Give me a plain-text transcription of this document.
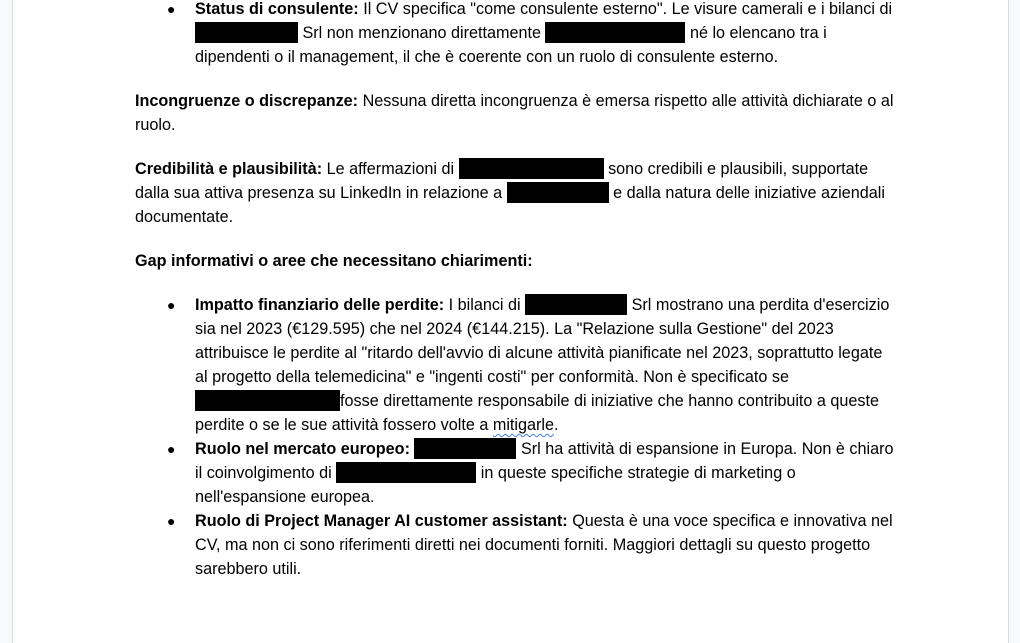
● Status di consulente: Il CV specifica "come consulente esterno". Le visure camerali e i bilanci di  Srl non menzionano direttamente	né lo elencano tra i dipendenti o il management, il che è coerente con un ruolo di consulente esterno.

Incongruenze o discrepanze: Nessuna diretta incongruenza è emersa rispetto alle attività dichiarate o al ruolo.

Credibilità e plausibilità: Le affermazioni di	sono credibili e plausibili, supportate dalla sua attiva presenza su LinkedIn in relazione a	e dalla natura delle iniziative aziendali documentate.

Gap informativi o aree che necessitano chiarimenti:

● Impatto finanziario delle perdite: I bilanci di	Srl mostrano una perdita d'esercizio sia nel 2023 (€129.595) che nel 2024 (€144.215). La "Relazione sulla Gestione" del 2023 attribuisce le perdite al "ritardo dell'avvio di alcune attività pianificate nel 2023, soprattutto legate al progetto della telemedicina" e "ingenti costi" per conformità. Non è specificato se fosse direttamente responsabile di iniziative che hanno contribuito a queste perdite o se le sue attività fossero volte a mitigarle.
● Ruolo nel mercato europeo:	Srl ha attività di espansione in Europa. Non è chiaro il coinvolgimento di	in queste specifiche strategie di marketing o nell'espansione europea.
● Ruolo di Project Manager AI customer assistant: Questa è una voce specifica e innovativa nel CV, ma non ci sono riferimenti diretti nei documenti forniti. Maggiori dettagli su questo progetto sarebbero utili.
